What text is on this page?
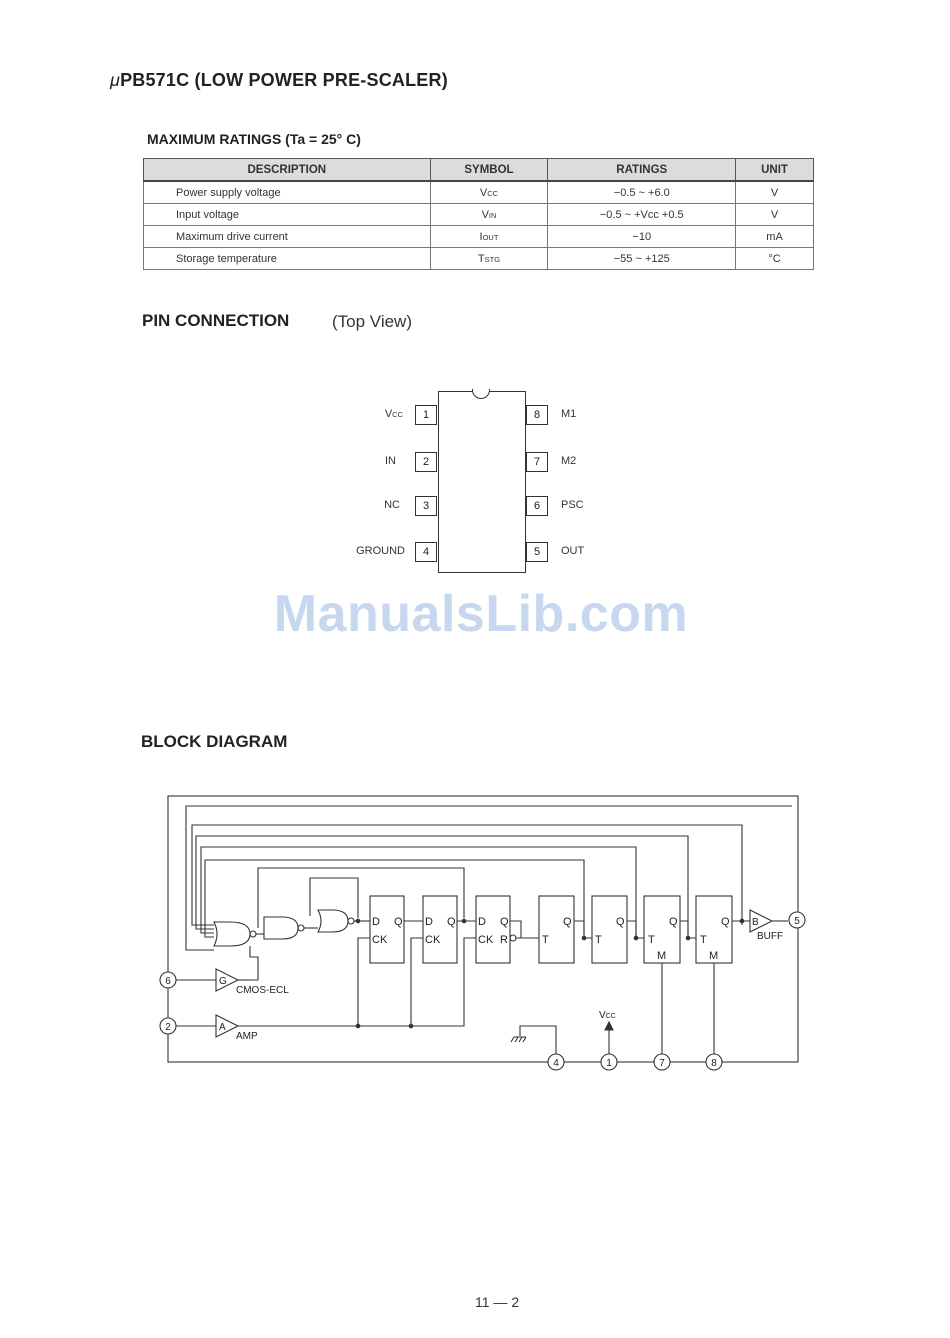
μPB571C (LOW POWER PRE-SCALER)
MAXIMUM RATINGS (Ta = 25° C)
DESCRIPTION	SYMBOL	RATINGS	UNIT
Power supply voltage	VCC	−0.5 ~ +6.0	V
Input voltage	VIN	−0.5 ~ +Vcc +0.5	V
Maximum drive current	IOUT	−10	mA
Storage temperature	TSTG	−55 ~ +125	°C
PIN CONNECTION	(Top View)
1
2
3
4
VCC
IN
NC
GROUND
8
7
6
5
M1
M2
PSC
OUT
ManualsLib.com
BLOCK DIAGRAM
D Q
CK
D Q
CK
D Q
CK R
Q
T
Q
T
Q
T
M
Q
T
M
B
BUFF
G
CMOS-ECL
A
AMP
VCC
5
6
2
4	1	7	8
11 — 2
